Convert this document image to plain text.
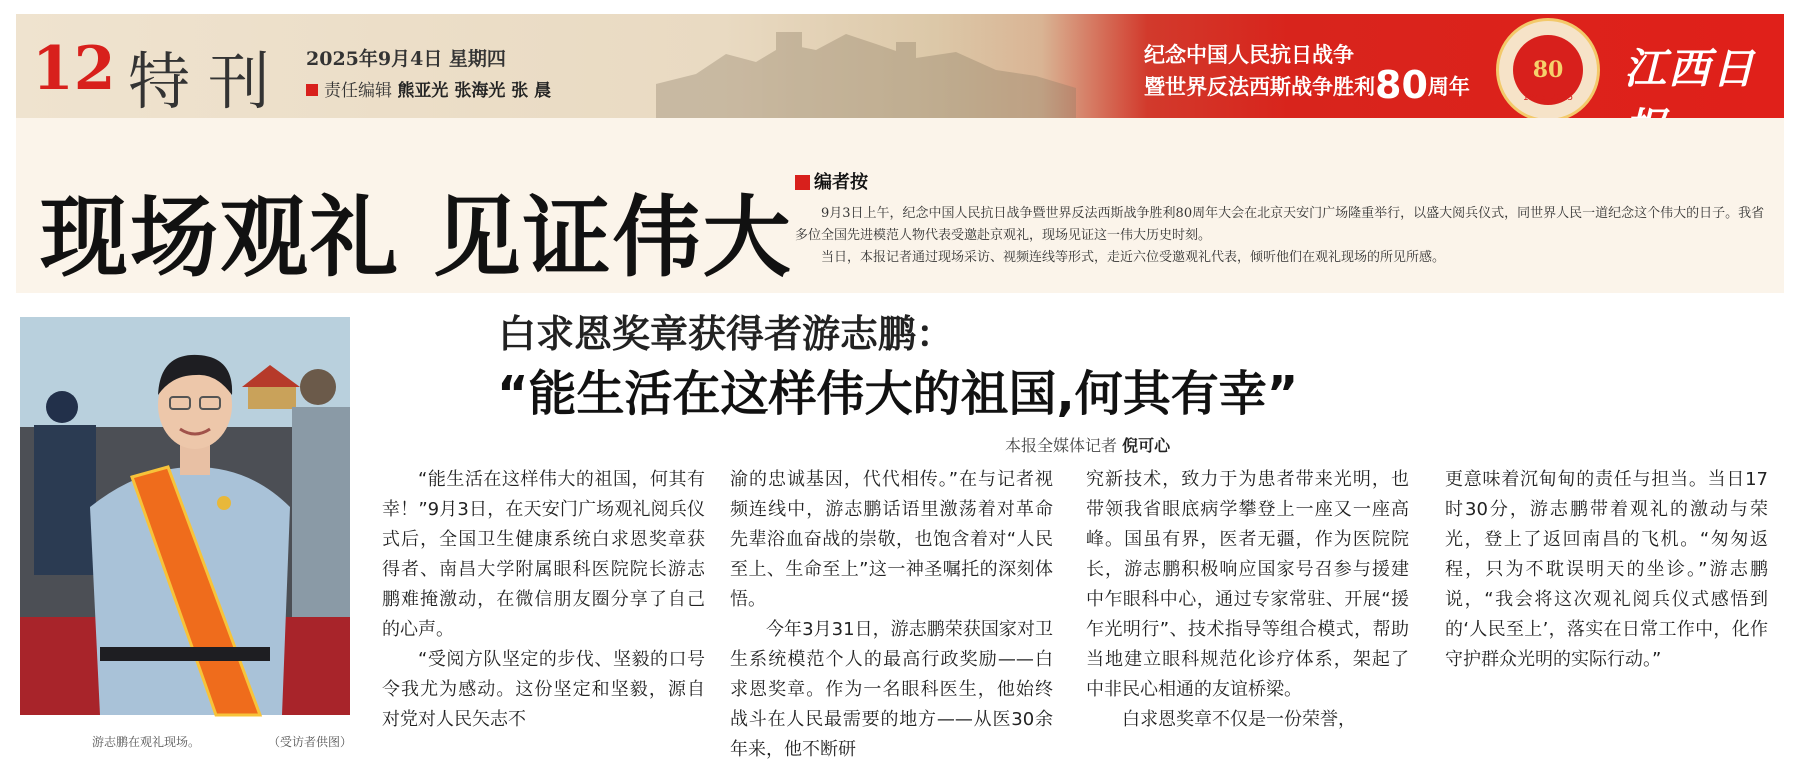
12 特刊 2025年9月4日 星期四
责任编辑 熊亚光 张海光 张 晨
纪念中国人民抗日战争
暨世界反法西斯战争胜利80周年
80
1945–2025
江西日
现场观礼 见证伟大
编者按

9月3日上午，纪念中国人民抗日战争暨世界反法西斯战争胜利80周年大会在北京天安门广场隆重举行，以盛大阅兵仪式，同世界人民一道纪念这个伟大的日子。我省多位全国先进模范人物代表受邀赴京观礼，现场见证这一伟大历史时刻。

当日，本报记者通过现场采访、视频连线等形式，走近六位受邀观礼代表，倾听他们在观礼现场的所见所感。

游志鹏在观礼现场。	（受访者供图）
白求恩奖章获得者游志鹏：
“能生活在这样伟大的祖国,何其有幸”
本报全媒体记者 倪可心

“能生活在这样伟大的祖国，何其有幸！”9月3日，在天安门广场观礼阅兵仪式后，全国卫生健康系统白求恩奖章获得者、南昌大学附属眼科医院院长游志鹏难掩激动，在微信朋友圈分享了自己的心声。

“受阅方队坚定的步伐、坚毅的口号令我尤为感动。这份坚定和坚毅，源自对党对人民矢志不

渝的忠诚基因，代代相传。”在与记者视频连线中，游志鹏话语里激荡着对革命先辈浴血奋战的崇敬，也饱含着对“人民至上、生命至上”这一神圣嘱托的深刻体悟。

今年3月31日，游志鹏荣获国家对卫生系统模范个人的最高行政奖励——白求恩奖章。作为一名眼科医生，他始终战斗在人民最需要的地方——从医30余年来，他不断研

究新技术，致力于为患者带来光明，也带领我省眼底病学攀登上一座又一座高峰。国虽有界，医者无疆，作为医院院长，游志鹏积极响应国家号召参与援建中乍眼科中心，通过专家常驻、开展“援乍光明行”、技术指导等组合模式，帮助当地建立眼科规范化诊疗体系，架起了中非民心相通的友谊桥梁。

白求恩奖章不仅是一份荣誉，

更意味着沉甸甸的责任与担当。当日17时30分，游志鹏带着观礼的激动与荣光，登上了返回南昌的飞机。“匆匆返程，只为不耽误明天的坐诊。”游志鹏说，“我会将这次观礼阅兵仪式感悟到的‘人民至上’，落实在日常工作中，化作守护群众光明的实际行动。”
